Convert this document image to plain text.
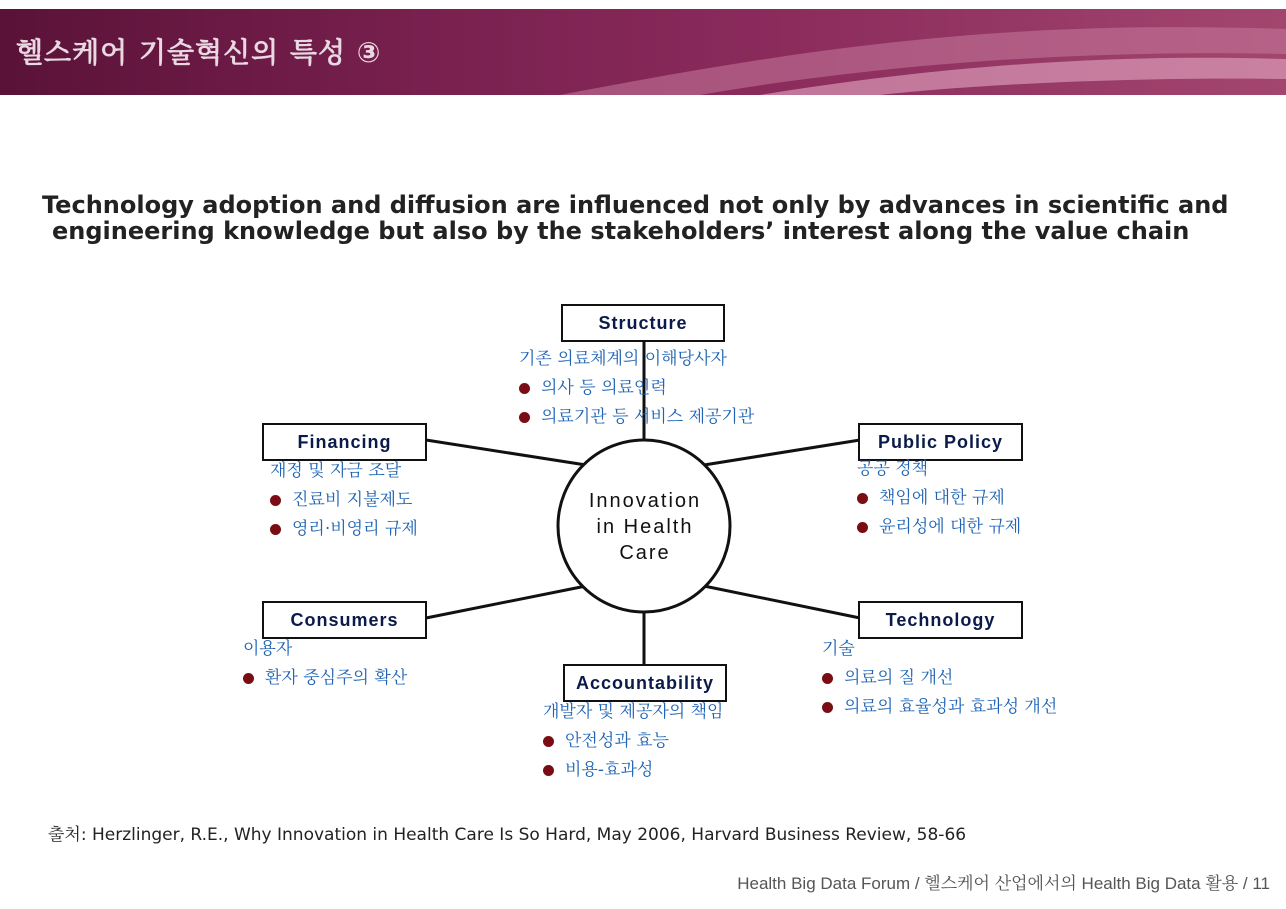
헬스케어 기술혁신의 특성 ③
Technology adoption and diffusion are influenced not only by advances in scientific and
engineering knowledge but also by the stakeholders’ interest along the value chain
Innovation
in Health
Care
Structure
기존 의료체계의 이해당사자
의사 등 의료인력
의료기관 등 서비스 제공기관
Financing
재정 및 자금 조달
진료비 지불제도
영리·비영리 규제
Public Policy
공공 정책
책임에 대한 규제
윤리성에 대한 규제
Consumers
이용자
환자 중심주의 확산
Technology
기술
의료의 질 개선
의료의 효율성과 효과성 개선
Accountability
개발자 및 제공자의 책임
안전성과 효능
비용-효과성
출처: Herzlinger, R.E., Why Innovation in Health Care Is So Hard, May 2006, Harvard Business Review, 58-66
Health Big Data Forum / 헬스케어 산업에서의 Health Big Data 활용 / 11
